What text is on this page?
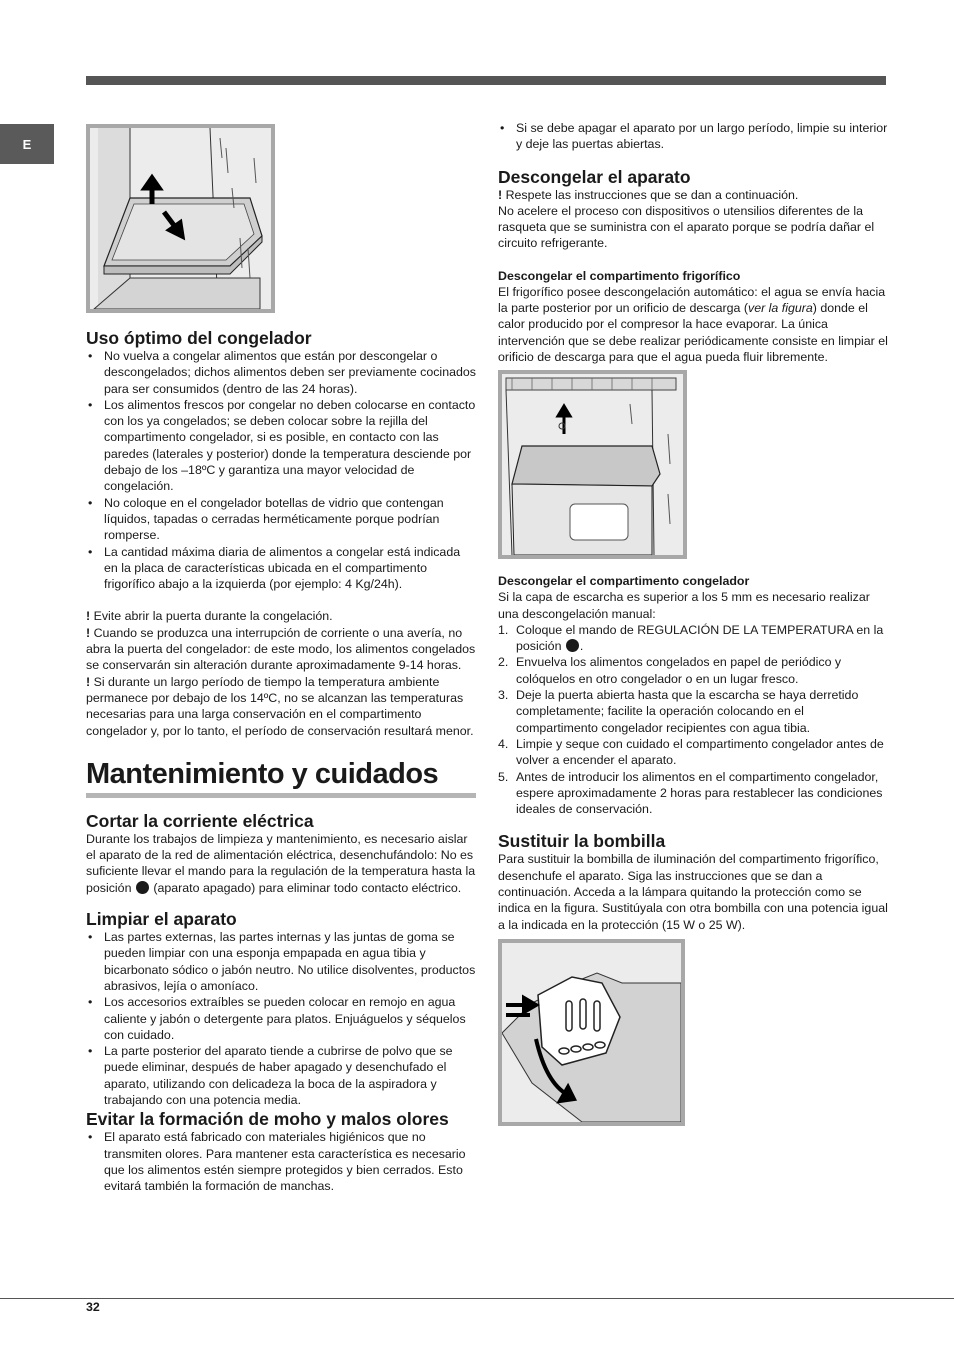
E
Uso óptimo del congelador
• No vuelva a congelar alimentos que están por descongelar o descongelados; dichos alimentos deben ser previamente cocinados para ser consumidos (dentro de las 24 horas).
• Los alimentos frescos por congelar no deben colocarse en contacto con los ya congelados; se deben colocar sobre la rejilla del compartimento congelador, si es posible, en contacto con las paredes (laterales y posterior) donde la temperatura desciende por debajo de los –18ºC y garantiza una mayor velocidad de congelación.
• No coloque en el congelador botellas de vidrio que contengan líquidos, tapadas o cerradas herméticamente porque podrían romperse.
• La cantidad máxima diaria de alimentos a congelar está indicada en la placa de características ubicada en el compartimento frigorífico abajo a la izquierda (por ejemplo: 4 Kg/24h).

! Evite abrir la puerta durante la congelación.

! Cuando se produzca una interrupción de corriente o una avería, no abra la puerta del congelador: de este modo, los alimentos congelados se conservarán sin alteración durante aproximadamente 9-14 horas.

! Si durante un largo período de tiempo la temperatura ambiente permanece por debajo de los 14ºC, no se alcanzan las temperaturas necesarias para una larga conservación en el compartimento congelador y, por lo tanto, el período de conservación resultará menor.

Mantenimiento y cuidados
Cortar la corriente eléctrica

Durante los trabajos de limpieza y mantenimiento, es necesario aislar el aparato de la red de alimentación eléctrica, desenchufándolo: No es suficiente llevar el mando para la regulación de la temperatura hasta la posición  (aparato apagado) para eliminar todo contacto eléctrico.

Limpiar el aparato
• Las partes externas, las partes internas y las juntas de goma se pueden limpiar con una esponja empapada en agua tibia y bicarbonato sódico o jabón neutro. No utilice disolventes, productos abrasivos, lejía o amoníaco.
• Los accesorios extraíbles se pueden colocar en remojo en agua caliente y jabón o detergente para platos. Enjuáguelos y séquelos con cuidado.
• La parte posterior del aparato tiende a cubrirse de polvo que se puede eliminar, después de haber apagado y desenchufado el aparato, utilizando con delicadeza la boca de la aspiradora y trabajando con una potencia media.
Evitar la formación de moho y malos olores
• El aparato está fabricado con materiales higiénicos que no transmiten olores. Para mantener esta característica es necesario que los alimentos estén siempre protegidos y bien cerrados. Esto evitará también la formación de manchas.
• Si se debe apagar el aparato por un largo período, limpie su interior y deje las puertas abiertas.
Descongelar el aparato

! Respete las instrucciones que se dan a continuación.

No acelere el proceso con dispositivos o utensilios diferentes de la rasqueta que se suministra con el aparato porque se podría dañar el circuito refrigerante.

Descongelar el compartimento frigorífico

El frigorífico posee descongelación automático: el agua se envía hacia la parte posterior por un orificio de descarga (ver la figura) donde el calor producido por el compresor la hace evaporar. La única intervención que se debe realizar periódicamente consiste en limpiar el orificio de descarga para que el agua pueda fluir libremente.

Descongelar el compartimento congelador

Si la capa de escarcha es superior a los 5 mm es necesario realizar una descongelación manual:

1. Coloque el mando de REGULACIÓN DE LA TEMPERATURA en la posición .
2. Envuelva los alimentos congelados en papel de periódico y colóquelos en otro congelador o en un lugar fresco.
3. Deje la puerta abierta hasta que la escarcha se haya derretido completamente; facilite la operación colocando en el compartimento congelador recipientes con agua tibia.
4. Limpie y seque con cuidado el compartimento congelador antes de volver a encender el aparato.
5. Antes de introducir los alimentos en el compartimento congelador, espere aproximadamente 2 horas para restablecer las condiciones ideales de conservación.
Sustituir la bombilla

Para sustituir la bombilla de iluminación del compartimento frigorífico, desenchufe el aparato. Siga las instrucciones que se dan a continuación. Acceda a la lámpara quitando la protección como se indica en la figura. Sustitúyala con otra bombilla con una potencia igual a la indicada en la protección (15 W o 25 W).

32
